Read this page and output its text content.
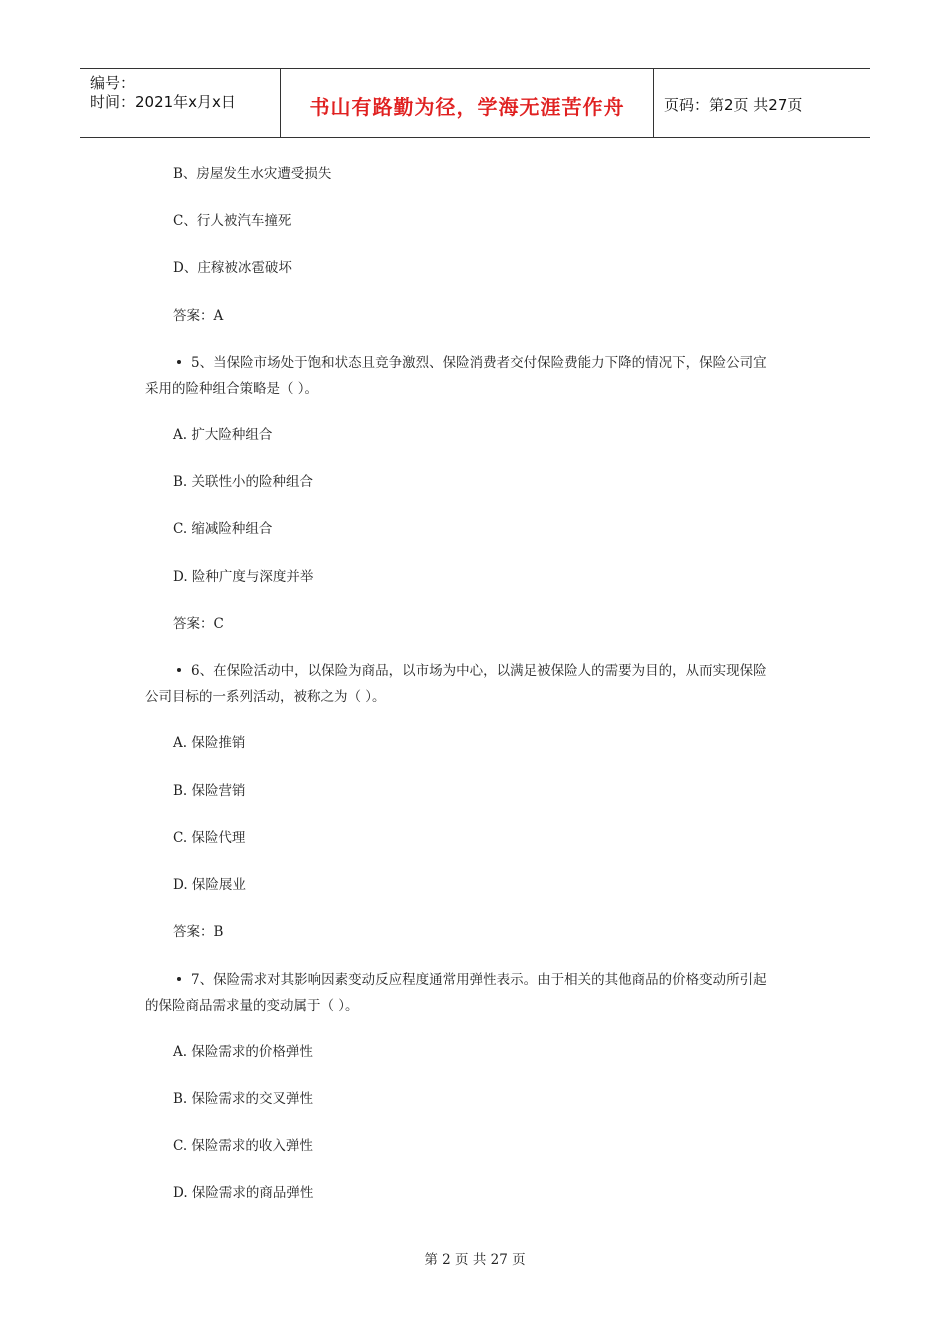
编号：
时间：2021年x月x日	书山有路勤为径，学海无涯苦作舟	页码：第2页 共27页
B、房屋发生水灾遭受损失
C、行人被汽车撞死
D、庄稼被冰雹破坏
答案：A
5、当保险市场处于饱和状态且竞争激烈、保险消费者交付保险费能力下降的情况下，保险公司宜
采用的险种组合策略是（ ）。
A. 扩大险种组合
B. 关联性小的险种组合
C. 缩减险种组合
D. 险种广度与深度并举
答案：C
6、在保险活动中，以保险为商品，以市场为中心，以满足被保险人的需要为目的，从而实现保险
公司目标的一系列活动，被称之为（ ）。
A. 保险推销
B. 保险营销
C. 保险代理
D. 保险展业
答案：B
7、保险需求对其影响因素变动反应程度通常用弹性表示。由于相关的其他商品的价格变动所引起
的保险商品需求量的变动属于（ ）。
A. 保险需求的价格弹性
B. 保险需求的交叉弹性
C. 保险需求的收入弹性
D. 保险需求的商品弹性
第 2 页 共 27 页
